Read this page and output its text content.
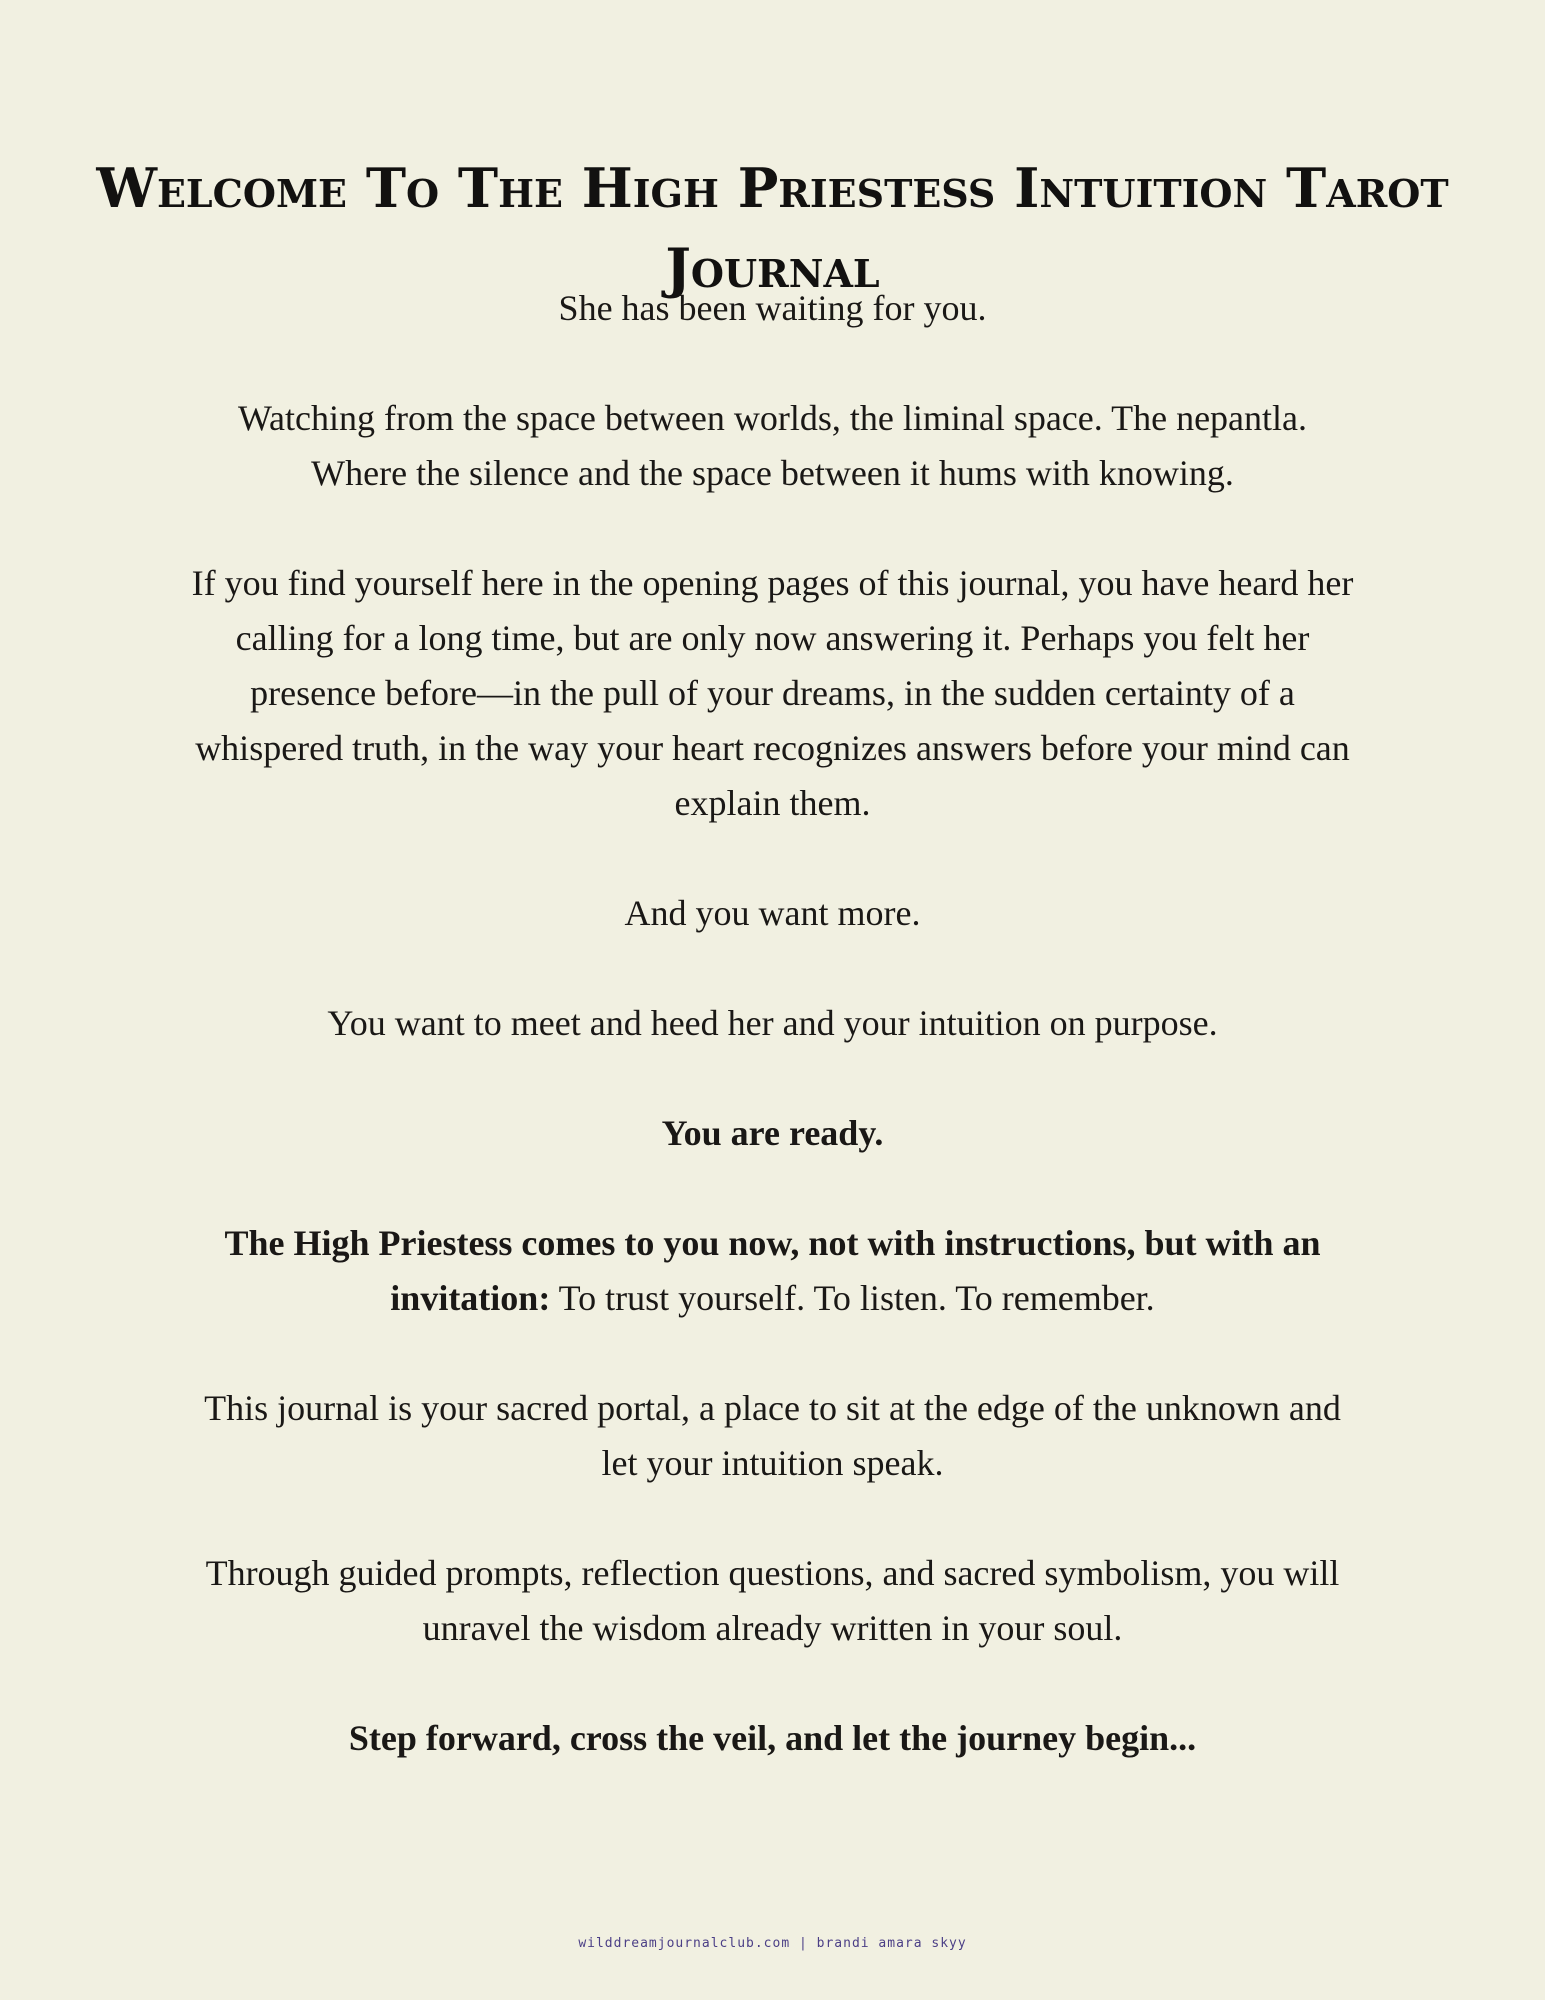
Welcome To The High Priestess Intuition Tarot Journal

She has been waiting for you.

Watching from the space between worlds, the liminal space. The nepantla. Where the silence and the space between it hums with knowing.

If you find yourself here in the opening pages of this journal, you have heard her calling for a long time, but are only now answering it. Perhaps you felt her presence before—in the pull of your dreams, in the sudden certainty of a whispered truth, in the way your heart recognizes answers before your mind can explain them.

And you want more.

You want to meet and heed her and your intuition on purpose.

You are ready.

The High Priestess comes to you now, not with instructions, but with an invitation: To trust yourself. To listen. To remember.

This journal is your sacred portal, a place to sit at the edge of the unknown and let your intuition speak.

Through guided prompts, reflection questions, and sacred symbolism, you will unravel the wisdom already written in your soul.

Step forward, cross the veil, and let the journey begin...

wilddreamjournalclub.com | brandi amara skyy
